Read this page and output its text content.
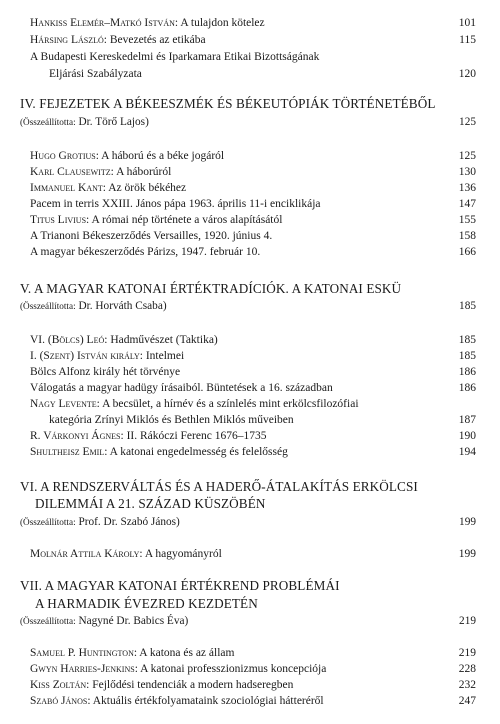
Hankiss Elemér–Matkó István: A tulajdon kötelez	101
Hársing László: Bevezetés az etikába	115
A Budapesti Kereskedelmi és Iparkamara Etikai Bizottságának
Eljárási Szabályzata	120
IV. FEJEZETEK A BÉKEESZMÉK ÉS BÉKEUTÓPIÁK TÖRTÉNETÉBŐL
(Összeállította: Dr. Törő Lajos)	125
Hugo Grotius: A háború és a béke jogáról	125
Karl Clausewitz: A háborúról	130
Immanuel Kant: Az örök békéhez	136
Pacem in terris XXIII. János pápa 1963. április 11-i enciklikája	147
Titus Livius: A római nép története a város alapításától	155
A Trianoni Békeszerződés Versailles, 1920. június 4.	158
A magyar békeszerződés Párizs, 1947. február 10.	166
V. A MAGYAR KATONAI ÉRTÉKTRADÍCIÓK. A KATONAI ESKÜ
(Összeállította: Dr. Horváth Csaba)	185
VI. (Bölcs) Leó: Hadművészet (Taktika)	185
I. (Szent) István király: Intelmei	185
Bölcs Alfonz király hét törvénye	186
Válogatás a magyar hadügy írásaiból. Büntetések a 16. században	186
Nagy Levente: A becsület, a hírnév és a színlelés mint erkölcsfilozófiai
kategória Zrínyi Miklós és Bethlen Miklós műveiben	187
R. Várkonyi Ágnes: II. Rákóczi Ferenc 1676–1735	190
Shultheisz Emil: A katonai engedelmesség és felelősség	194
VI. A RENDSZERVÁLTÁS ÉS A HADERŐ-ÁTALAKÍTÁS ERKÖLCSI
DILEMMÁI A 21. SZÁZAD KÜSZÖBÉN
(Összeállította: Prof. Dr. Szabó János)	199
Molnár Attila Károly: A hagyományról	199
VII. A MAGYAR KATONAI ÉRTÉKREND PROBLÉMÁI
A HARMADIK ÉVEZRED KEZDETÉN
(Összeállította: Nagyné Dr. Babics Éva)	219
Samuel P. Huntington: A katona és az állam	219
Gwyn Harries-Jenkins: A katonai professzionizmus koncepciója	228
Kiss Zoltán: Fejlődési tendenciák a modern hadseregben	232
Szabó János: Aktuális értékfolyamataink szociológiai hátteréről	247
